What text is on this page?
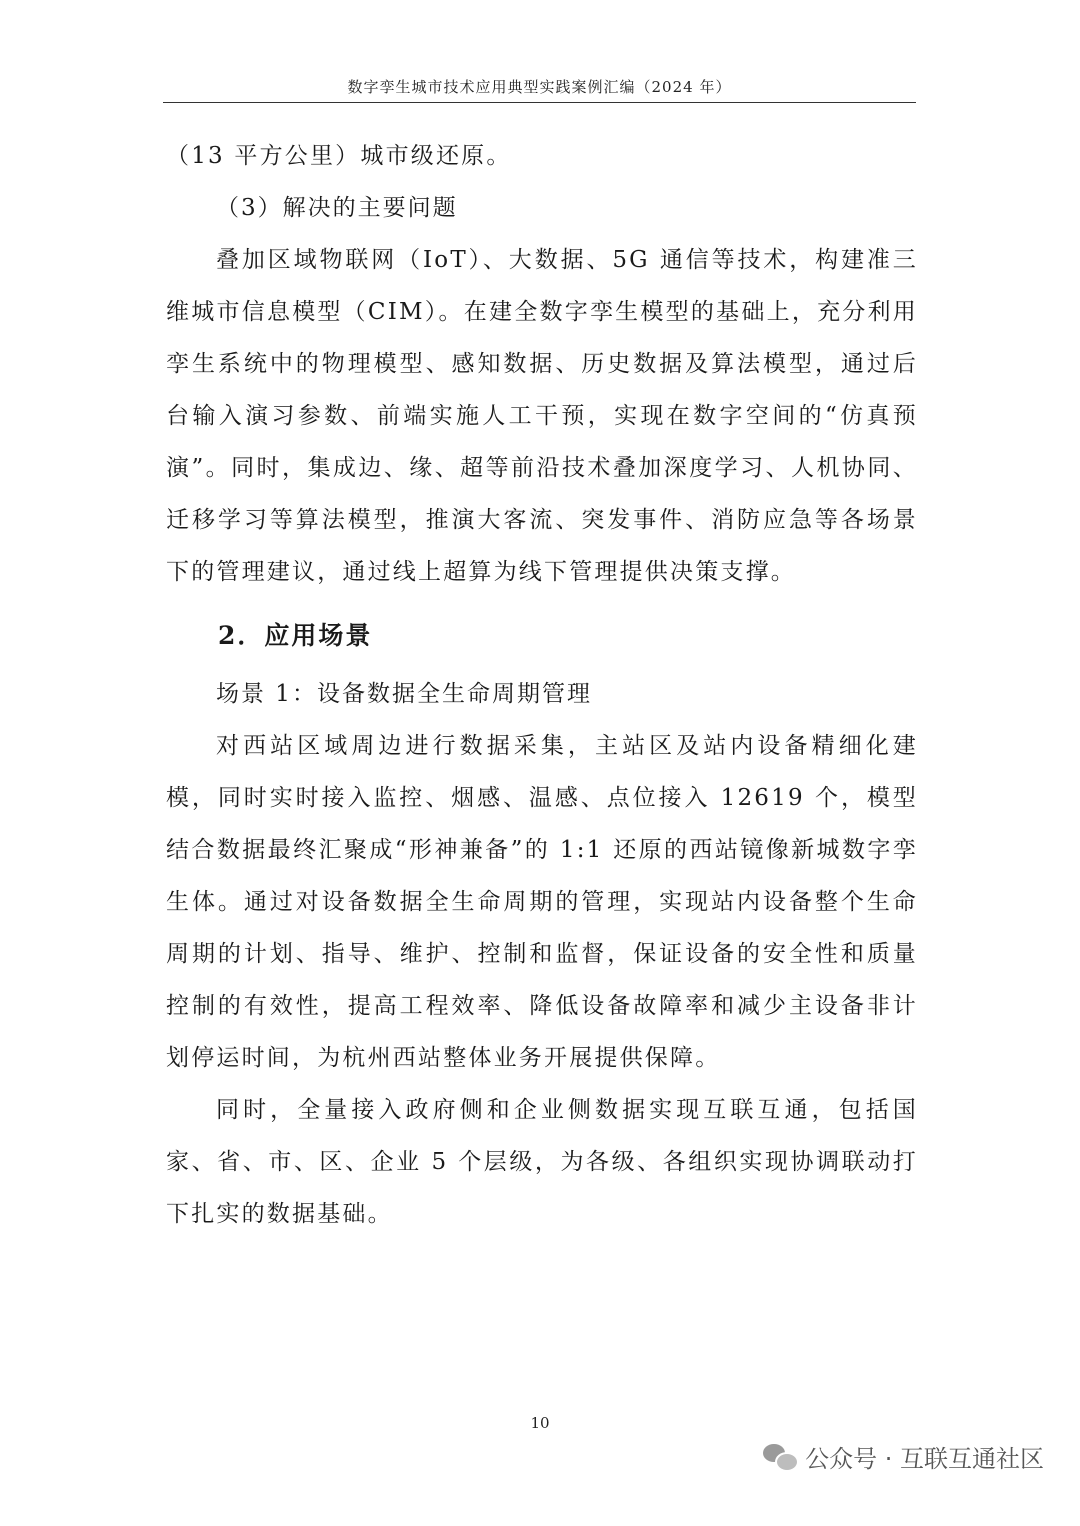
数字孪生城市技术应用典型实践案例汇编（2024 年）

（13 平方公里）城市级还原。

（3）解决的主要问题

叠加区域物联网（IoT）、大数据、5G 通信等技术，构建准三维城市信息模型（CIM）。在建全数字孪生模型的基础上，充分利用孪生系统中的物理模型、感知数据、历史数据及算法模型，通过后台输入演习参数、前端实施人工干预，实现在数字空间的“仿真预演”。同时，集成边、缘、超等前沿技术叠加深度学习、人机协同、迁移学习等算法模型，推演大客流、突发事件、消防应急等各场景下的管理建议，通过线上超算为线下管理提供决策支撑。

2．应用场景

场景 1：设备数据全生命周期管理

对西站区域周边进行数据采集，主站区及站内设备精细化建模，同时实时接入监控、烟感、温感、点位接入 12619 个，模型结合数据最终汇聚成“形神兼备”的 1:1 还原的西站镜像新城数字孪生体。通过对设备数据全生命周期的管理，实现站内设备整个生命周期的计划、指导、维护、控制和监督，保证设备的安全性和质量控制的有效性，提高工程效率、降低设备故障率和减少主设备非计划停运时间，为杭州西站整体业务开展提供保障。

同时，全量接入政府侧和企业侧数据实现互联互通，包括国家、省、市、区、企业 5 个层级，为各级、各组织实现协调联动打下扎实的数据基础。

10
公众号 · 互联互通社区
